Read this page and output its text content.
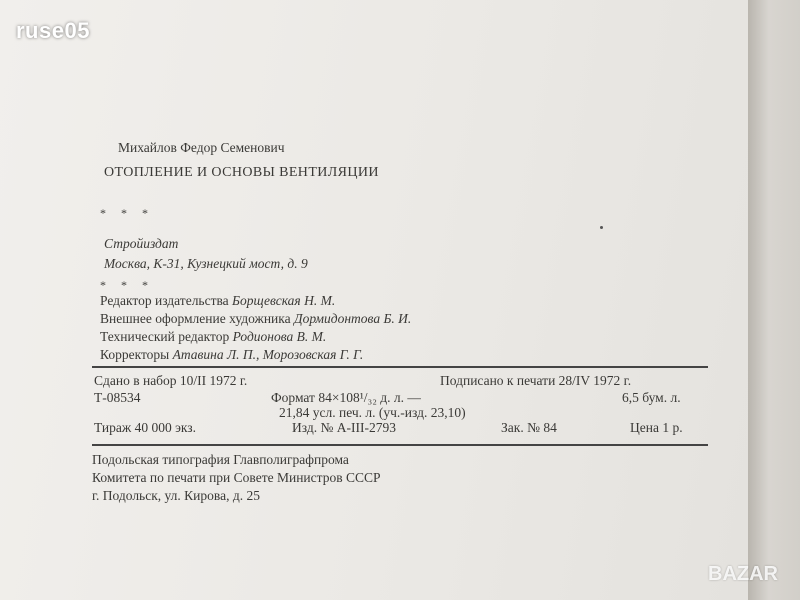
Михайлов Федор Семенович
ОТОПЛЕНИЕ И ОСНОВЫ ВЕНТИЛЯЦИИ
* * *
Стройиздат
Москва, К-31, Кузнецкий мост, д. 9
* * *
Редактор издательства Борщевская Н. М.
Внешнее оформление художника Дормидонтова Б. И.
Технический редактор Родионова В. М.
Корректоры Атавина Л. П., Морозовская Г. Г.
Сдано в набор 10/II 1972 г.	Подписано к печати 28/IV 1972 г.
Т-08534	Формат 84×108¹/₃₂ д. л. —	6,5 бум. л.
21,84 усл. печ. л. (уч.-изд. 23,10)
Тираж 40 000 экз.	Изд. № А-III-2793	Зак. № 84	Цена 1 р.
Подольская типография Главполиграфпрома
Комитета по печати при Совете Министров СССР
г. Подольск, ул. Кирова, д. 25
ruse05
BAZAR
